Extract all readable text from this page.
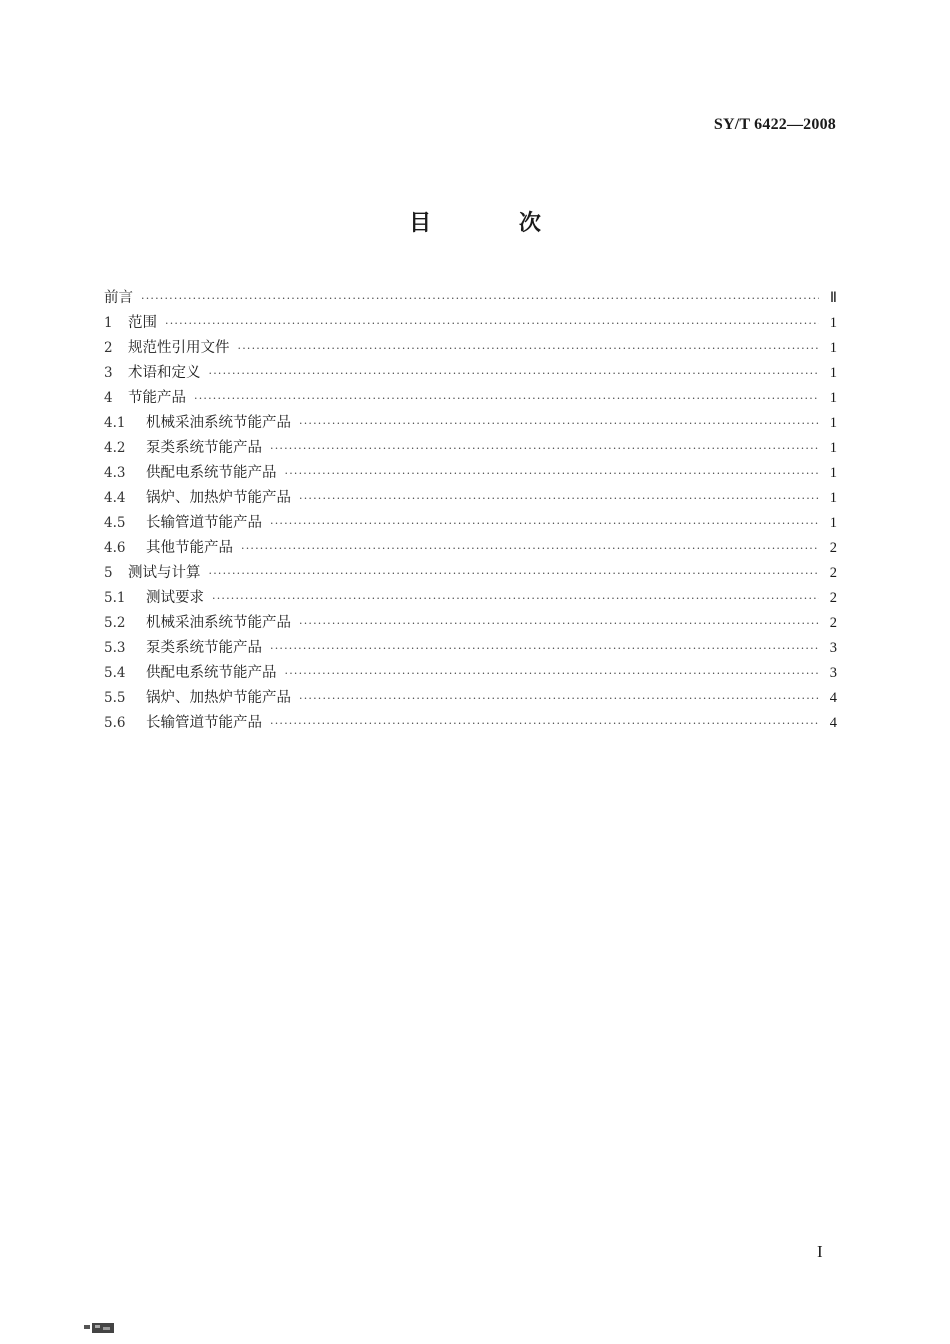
SY/T 6422—2008
目 次
前言 ·····	Ⅱ
1	范围 ·····	1
2	规范性引用文件 ·····	1
3	术语和定义 ·····	1
4	节能产品 ·····	1
4.1	机械采油系统节能产品 ·····	1
4.2	泵类系统节能产品 ·····	1
4.3	供配电系统节能产品 ·····	1
4.4	锅炉、加热炉节能产品 ·····	1
4.5	长输管道节能产品 ·····	1
4.6	其他节能产品 ·····	2
5	测试与计算 ·····	2
5.1	测试要求 ·····	2
5.2	机械采油系统节能产品 ·····	2
5.3	泵类系统节能产品 ·····	3
5.4	供配电系统节能产品 ·····	3
5.5	锅炉、加热炉节能产品 ·····	4
5.6	长输管道节能产品 ·····	4
I
